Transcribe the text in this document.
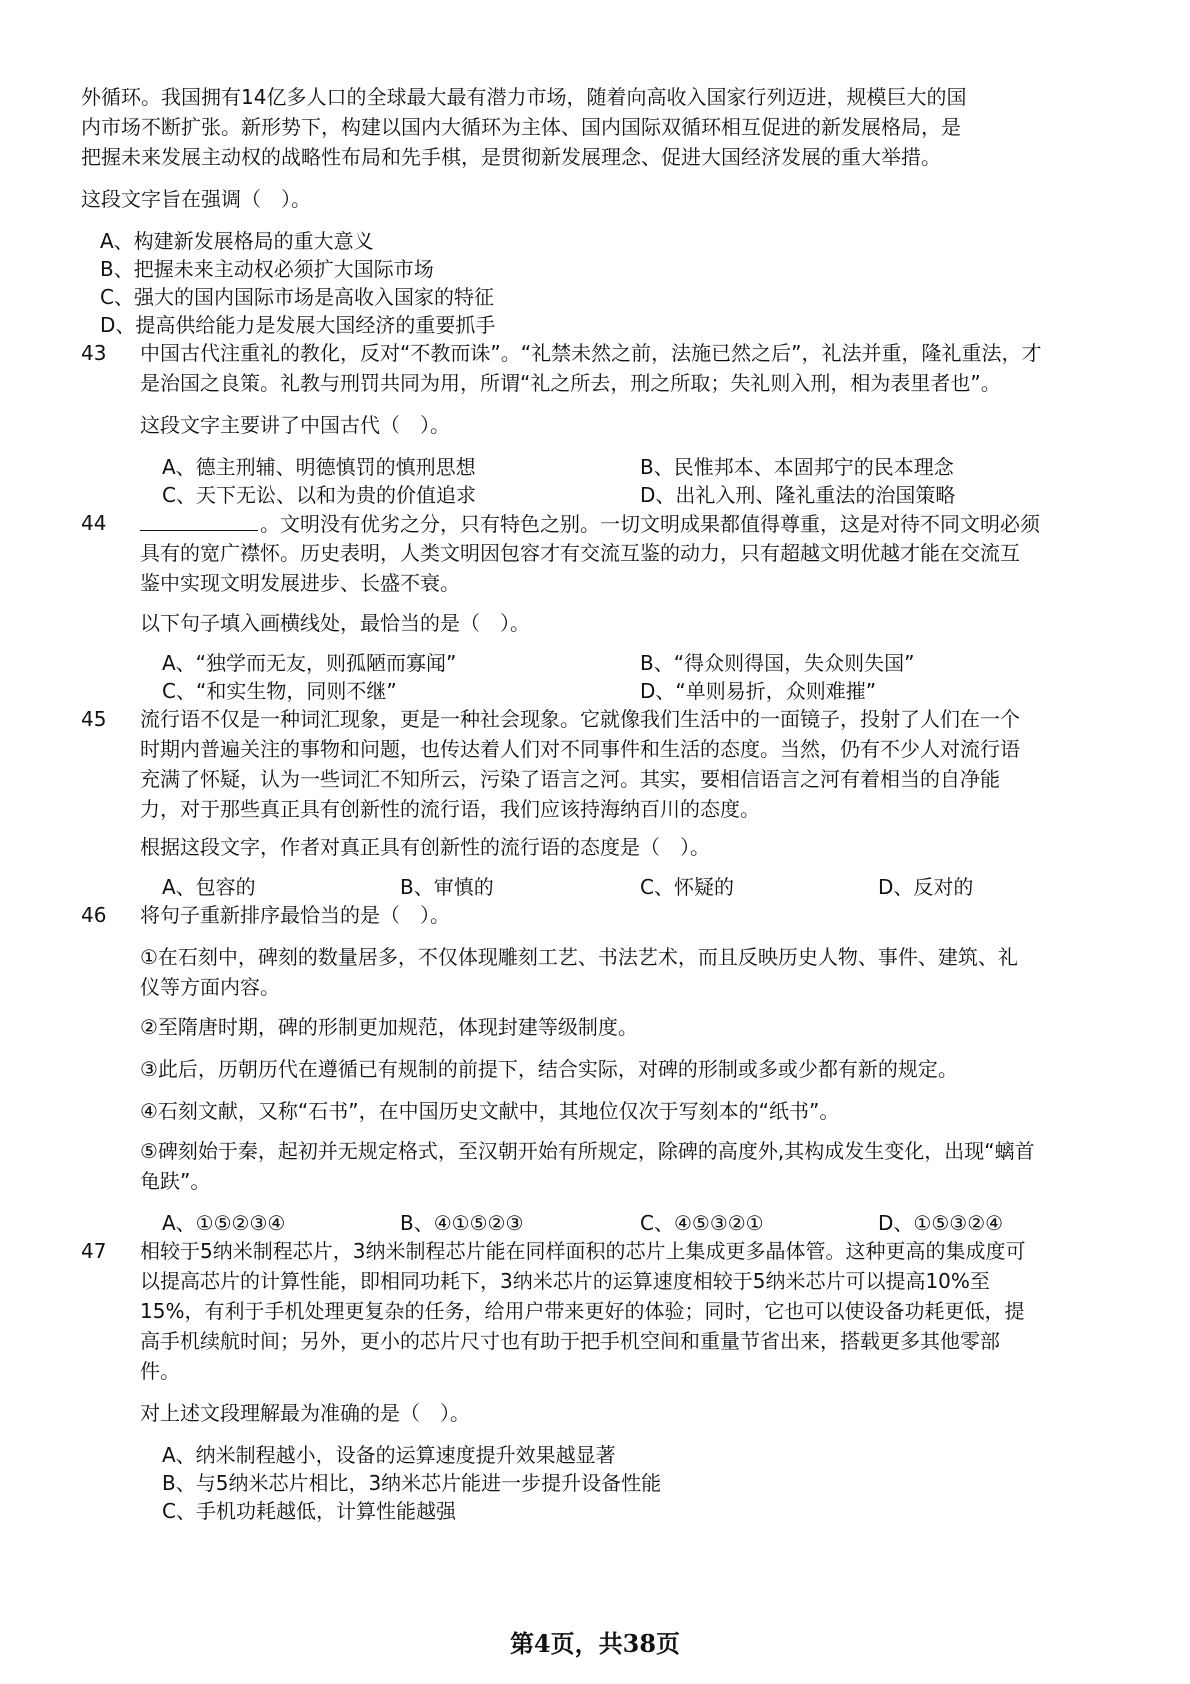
外循环。我国拥有14亿多人口的全球最大最有潜力市场，随着向高收入国家行列迈进，规模巨大的国
内市场不断扩张。新形势下，构建以国内大循环为主体、国内国际双循环相互促进的新发展格局，是
把握未来发展主动权的战略性布局和先手棋，是贯彻新发展理念、促进大国经济发展的重大举措。
这段文字旨在强调（　）。
A、构建新发展格局的重大意义
B、把握未来主动权必须扩大国际市场
C、强大的国内国际市场是高收入国家的特征
D、提高供给能力是发展大国经济的重要抓手
43 中国古代注重礼的教化，反对“不教而诛”。“礼禁未然之前，法施已然之后”，礼法并重，隆礼重法，才
是治国之良策。礼教与刑罚共同为用，所谓“礼之所去，刑之所取；失礼则入刑，相为表里者也”。
这段文字主要讲了中国古代（　）。
A、德主刑辅、明德慎罚的慎刑思想	B、民惟邦本、本固邦宁的民本理念
C、天下无讼、以和为贵的价值追求	D、出礼入刑、隆礼重法的治国策略
44	。文明没有优劣之分，只有特色之别。一切文明成果都值得尊重，这是对待不同文明必须
具有的宽广襟怀。历史表明，人类文明因包容才有交流互鉴的动力，只有超越文明优越才能在交流互
鉴中实现文明发展进步、长盛不衰。
以下句子填入画横线处，最恰当的是（　）。
A、“独学而无友，则孤陋而寡闻”	B、“得众则得国，失众则失国”
C、“和实生物，同则不继”	D、“单则易折，众则难摧”
45 流行语不仅是一种词汇现象，更是一种社会现象。它就像我们生活中的一面镜子，投射了人们在一个
时期内普遍关注的事物和问题，也传达着人们对不同事件和生活的态度。当然，仍有不少人对流行语
充满了怀疑，认为一些词汇不知所云，污染了语言之河。其实，要相信语言之河有着相当的自净能
力，对于那些真正具有创新性的流行语，我们应该持海纳百川的态度。
根据这段文字，作者对真正具有创新性的流行语的态度是（　）。
A、包容的	B、审慎的	C、怀疑的	D、反对的
46 将句子重新排序最恰当的是（　）。
①在石刻中，碑刻的数量居多，不仅体现雕刻工艺、书法艺术，而且反映历史人物、事件、建筑、礼
仪等方面内容。
②至隋唐时期，碑的形制更加规范，体现封建等级制度。
③此后，历朝历代在遵循已有规制的前提下，结合实际，对碑的形制或多或少都有新的规定。
④石刻文献，又称“石书”，在中国历史文献中，其地位仅次于写刻本的“纸书”。
⑤碑刻始于秦，起初并无规定格式，至汉朝开始有所规定，除碑的高度外,其构成发生变化，出现“螭首
龟趺”。
A、①⑤②③④	B、④①⑤②③	C、④⑤③②①	D、①⑤③②④
47 相较于5纳米制程芯片，3纳米制程芯片能在同样面积的芯片上集成更多晶体管。这种更高的集成度可
以提高芯片的计算性能，即相同功耗下，3纳米芯片的运算速度相较于5纳米芯片可以提高10%至
15%，有利于手机处理更复杂的任务，给用户带来更好的体验；同时，它也可以使设备功耗更低，提
高手机续航时间；另外，更小的芯片尺寸也有助于把手机空间和重量节省出来，搭载更多其他零部
件。
对上述文段理解最为准确的是（　）。
A、纳米制程越小，设备的运算速度提升效果越显著
B、与5纳米芯片相比，3纳米芯片能进一步提升设备性能
C、手机功耗越低，计算性能越强
第4页，共38页
